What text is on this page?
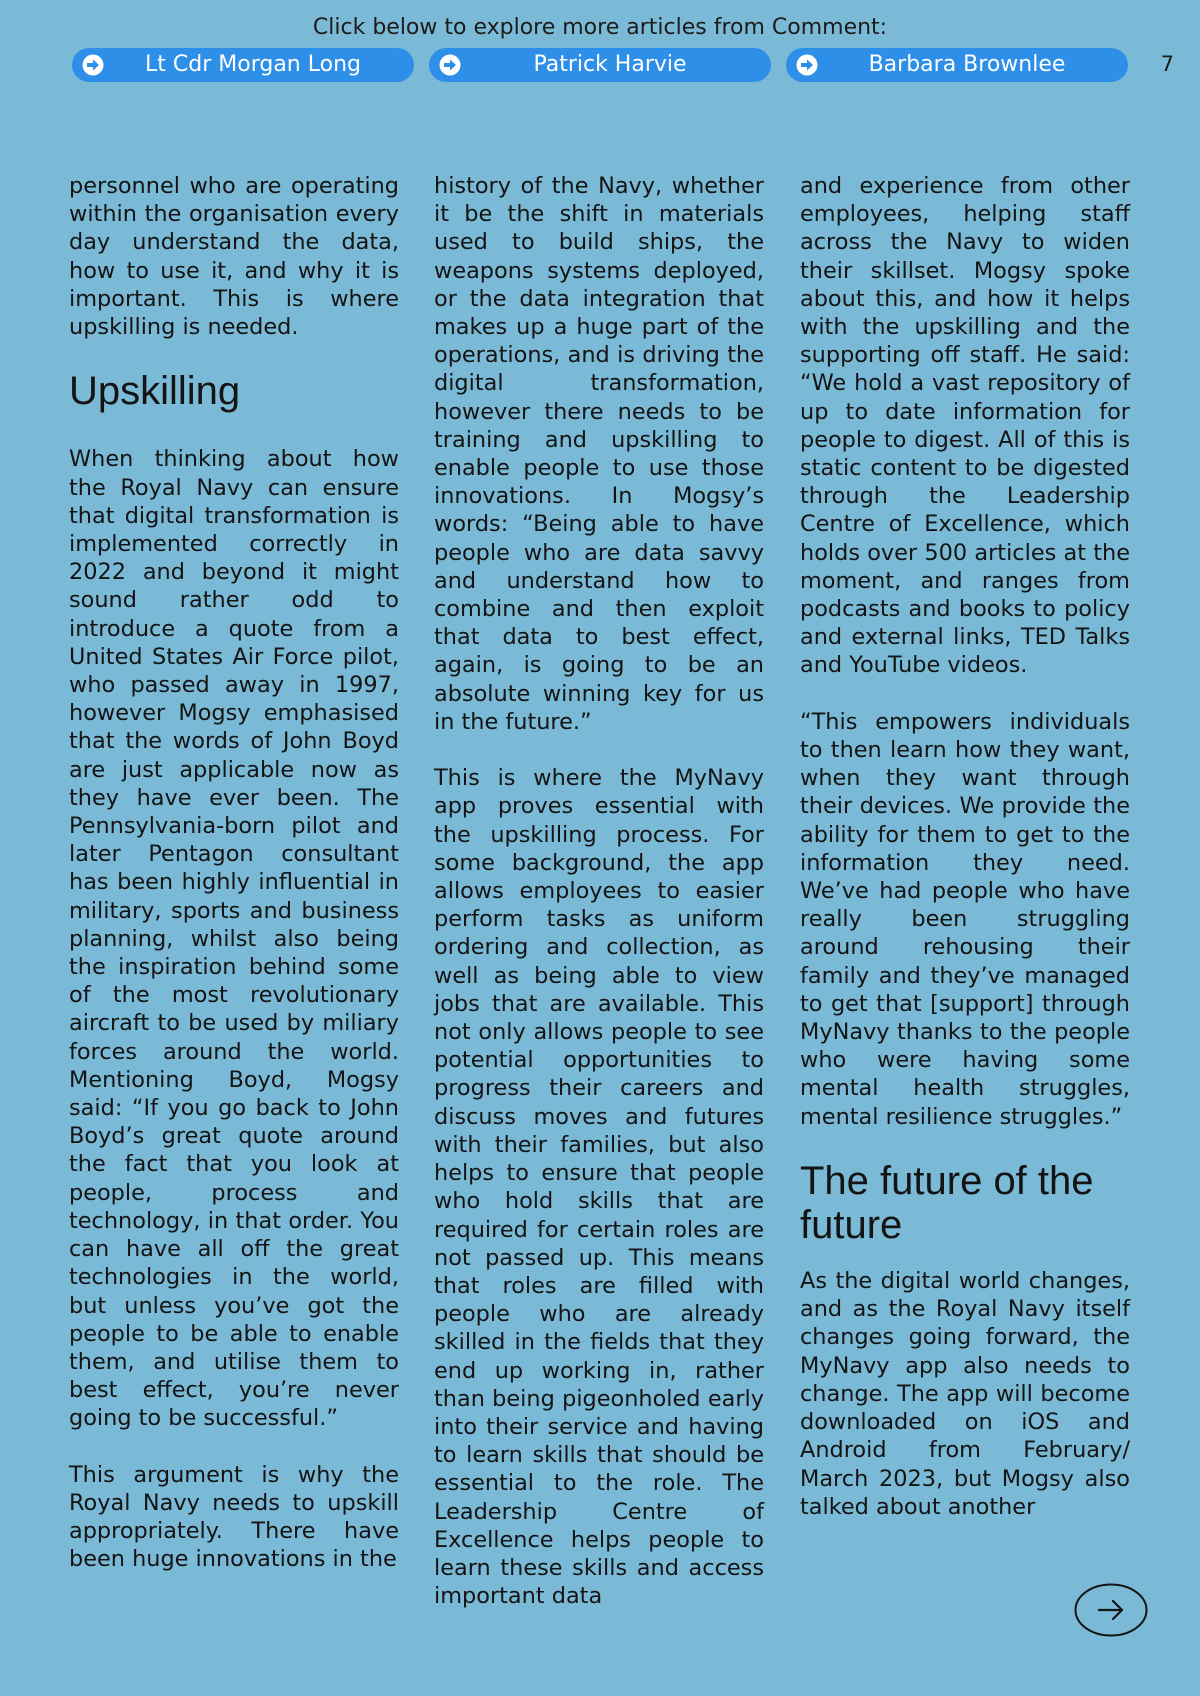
Click below to explore more articles from Comment:
Lt Cdr Morgan Long	Patrick Harvie	Barbara Brownlee	7

personnel who are operating within the organisation every day understand the data, how to use it, and why it is important. This is where upskilling is needed.

Upskilling

When thinking about how the Royal Navy can ensure that digital transformation is implemented correctly in 2022 and beyond it might sound rather odd to introduce a quote from a United States Air Force pilot, who passed away in 1997, however Mogsy emphasised that the words of John Boyd are just applicable now as they have ever been. The Pennsylvania-born pilot and later Pentagon consultant has been highly influential in military, sports and business planning, whilst also being the inspiration behind some of the most revolutionary aircraft to be used by miliary forces around the world. Mentioning Boyd, Mogsy said: “If you go back to John Boyd’s great quote around the fact that you look at people, process and technology, in that order. You can have all off the great technologies in the world, but unless you’ve got the people to be able to enable them, and utilise them to best effect, you’re never going to be successful.”

This argument is why the Royal Navy needs to upskill appropriately. There have been huge innovations in the

history of the Navy, whether it be the shift in materials used to build ships, the weapons systems deployed, or the data integration that makes up a huge part of the operations, and is driving the digital transformation, however there needs to be training and upskilling to enable people to use those innovations. In Mogsy’s words: “Being able to have people who are data savvy and understand how to combine and then exploit that data to best effect, again, is going to be an absolute winning key for us in the future.”

This is where the MyNavy app proves essential with the upskilling process. For some background, the app allows employees to easier perform tasks as uniform ordering and collection, as well as being able to view jobs that are available. This not only allows people to see potential opportunities to progress their careers and discuss moves and futures with their families, but also helps to ensure that people who hold skills that are required for certain roles are not passed up. This means that roles are filled with people who are already skilled in the fields that they end up working in, rather than being pigeonholed early into their service and having to learn skills that should be essential to the role. The Leadership Centre of Excellence helps people to learn these skills and access important data

and experience from other employees, helping staff across the Navy to widen their skillset. Mogsy spoke about this, and how it helps with the upskilling and the supporting off staff. He said: “We hold a vast repository of up to date information for people to digest. All of this is static content to be digested through the Leadership Centre of Excellence, which holds over 500 articles at the moment, and ranges from podcasts and books to policy and external links, TED Talks and YouTube videos.

“This empowers individuals to then learn how they want, when they want through their devices. We provide the ability for them to get to the information they need. We’ve had people who have really been struggling around rehousing their family and they’ve managed to get that [support] through MyNavy thanks to the people who were having some mental health struggles, mental resilience struggles.”

The future of the future

As the digital world changes, and as the Royal Navy itself changes going forward, the MyNavy app also needs to change. The app will become downloaded on iOS and Android from February/ March 2023, but Mogsy also talked about another
